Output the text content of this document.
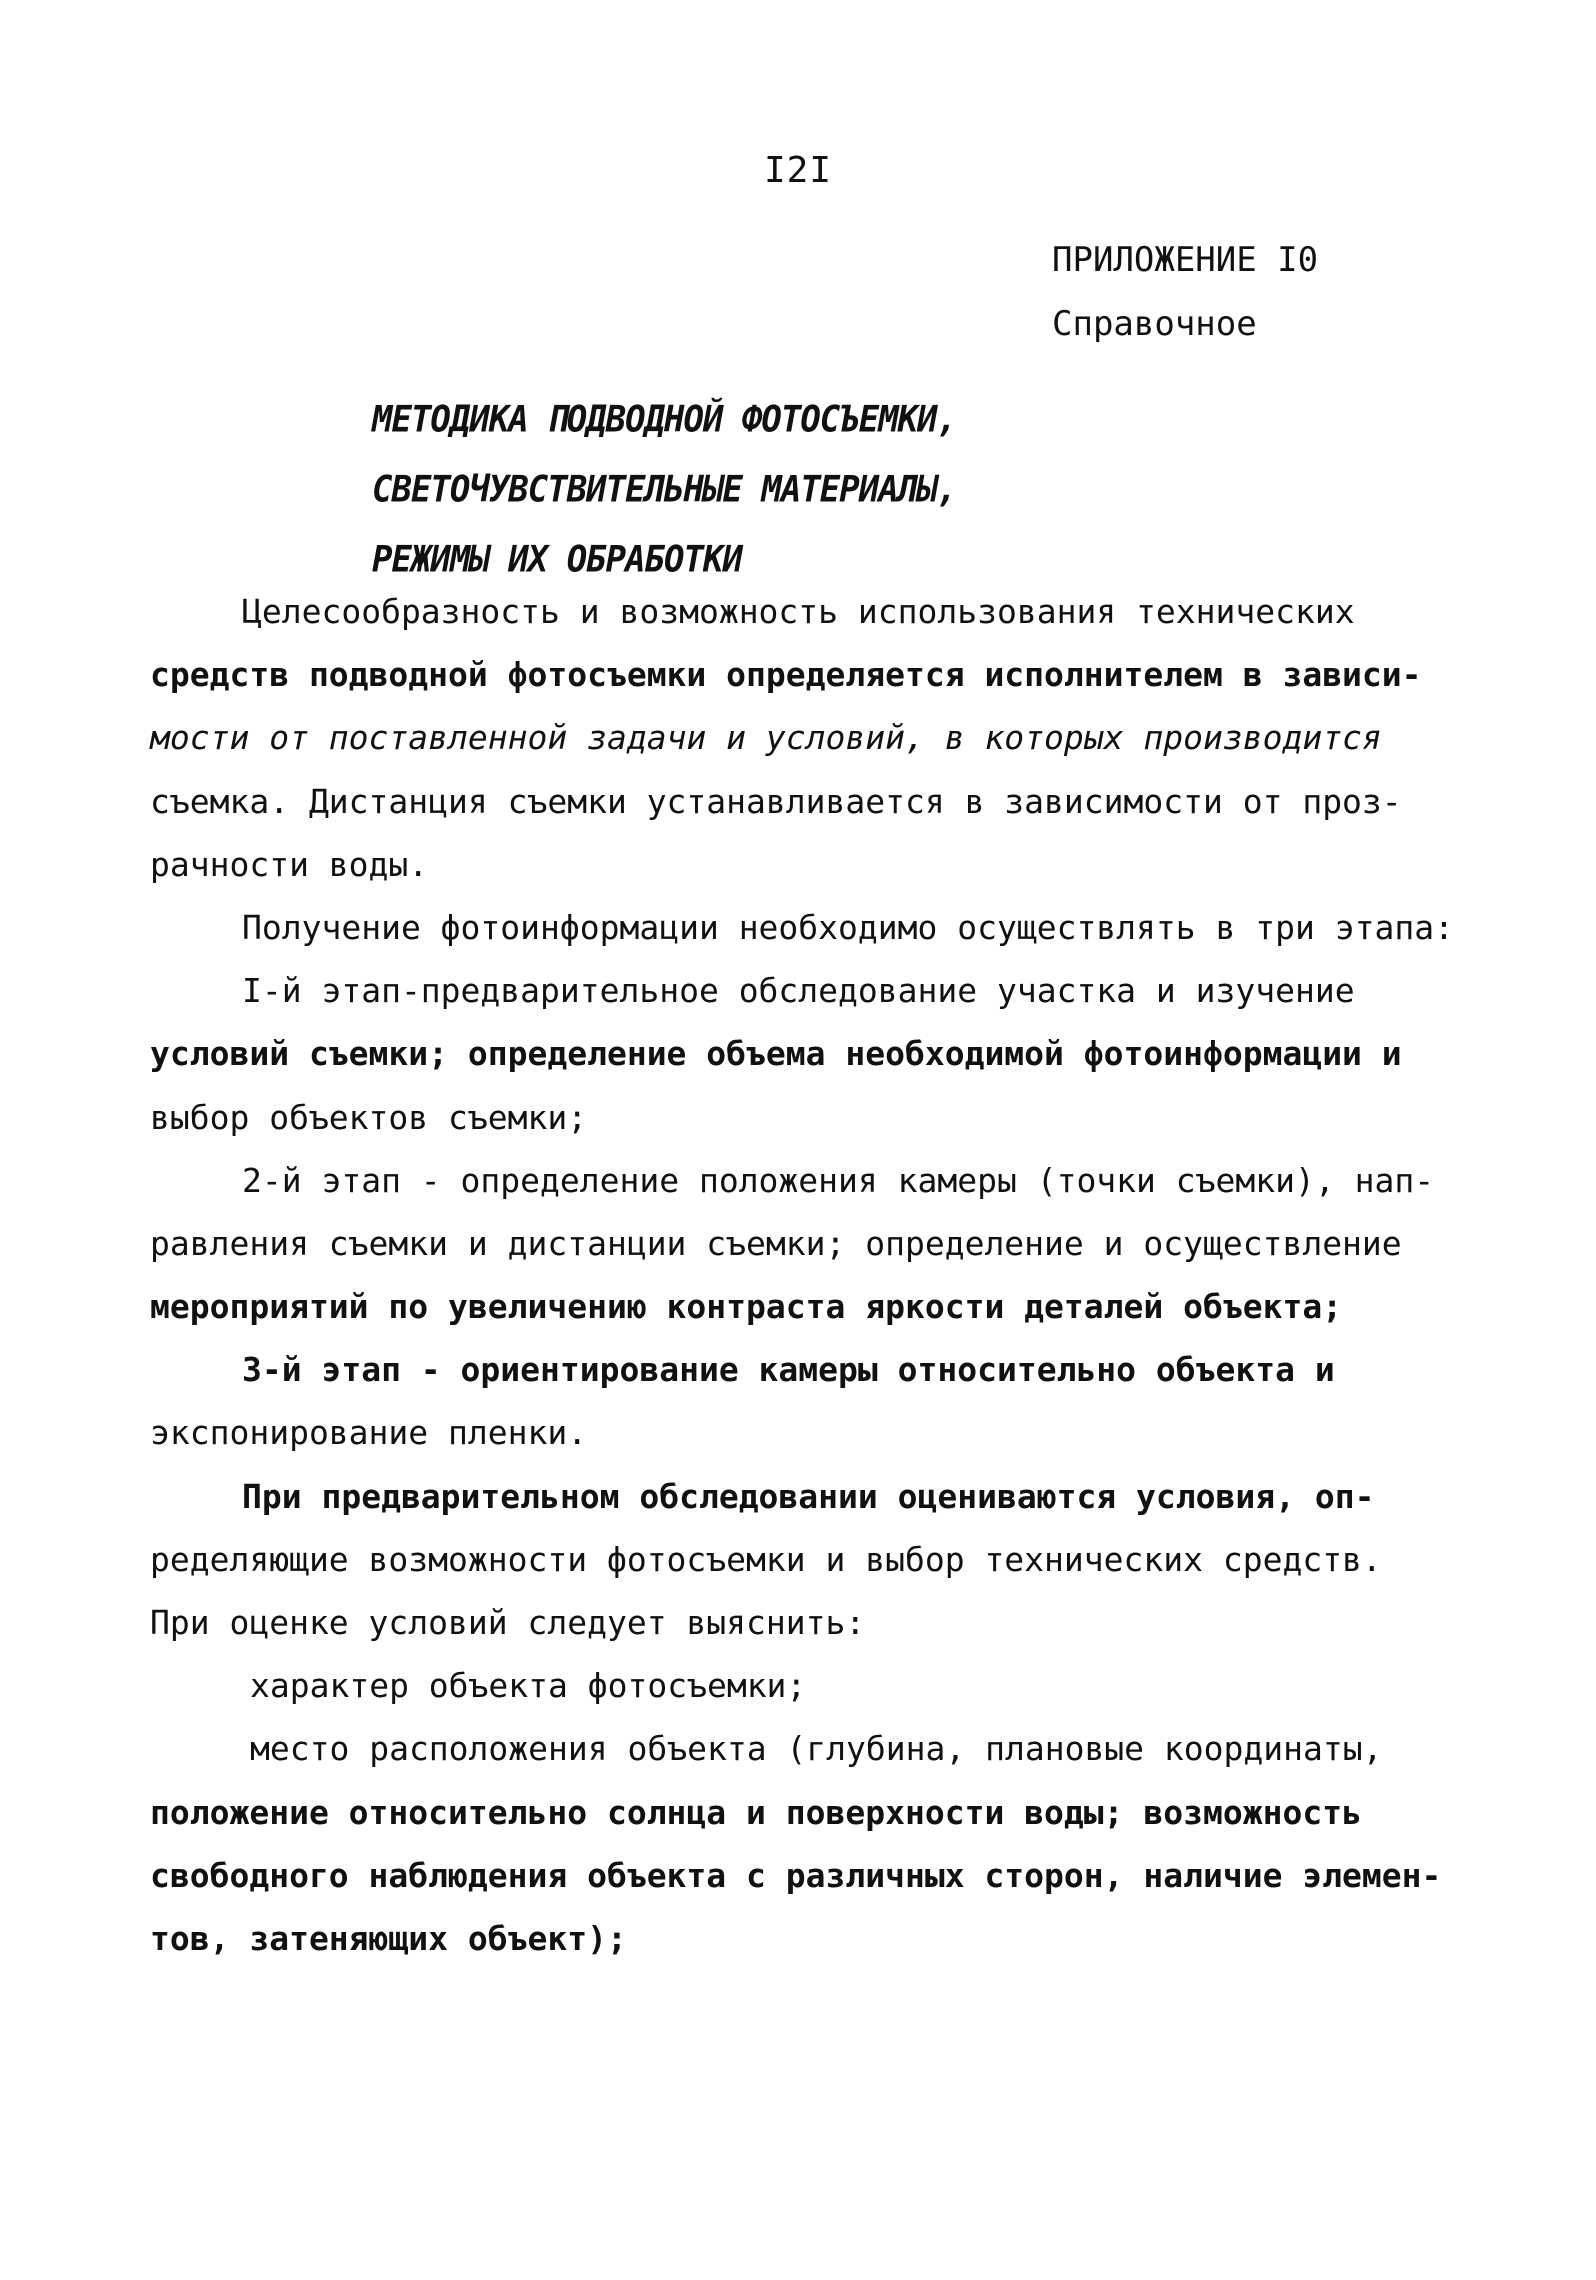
I2I
ПРИЛОЖЕНИЕ I0
Справочное
МЕТОДИКА ПОДВОДНОЙ ФОТОСЪЕМКИ,
СВЕТОЧУВСТВИТЕЛЬНЫЕ МАТЕРИАЛЫ,
РЕЖИМЫ ИХ ОБРАБОТКИ
Целесообразность и возможность использования технических
средств подводной фотосъемки определяется исполнителем в зависи-
мости от поставленной задачи и условий, в которых производится
съемка. Дистанция съемки устанавливается в зависимости от проз-
рачности воды.
Получение фотоинформации необходимо осуществлять в три этапа:
I-й этап-предварительное обследование участка и изучение
условий съемки; определение объема необходимой фотоинформации и
выбор объектов съемки;
2-й этап - определение положения камеры (точки съемки), нап-
равления съемки и дистанции съемки; определение и осуществление
мероприятий по увеличению контраста яркости деталей объекта;
3-й этап - ориентирование камеры относительно объекта и
экспонирование пленки.
При предварительном обследовании оцениваются условия, оп-
ределяющие возможности фотосъемки и выбор технических средств.
При оценке условий следует выяснить:
характер объекта фотосъемки;
место расположения объекта (глубина, плановые координаты,
положение относительно солнца и поверхности воды; возможность
свободного наблюдения объекта с различных сторон, наличие элемен-
тов, затеняющих объект);
